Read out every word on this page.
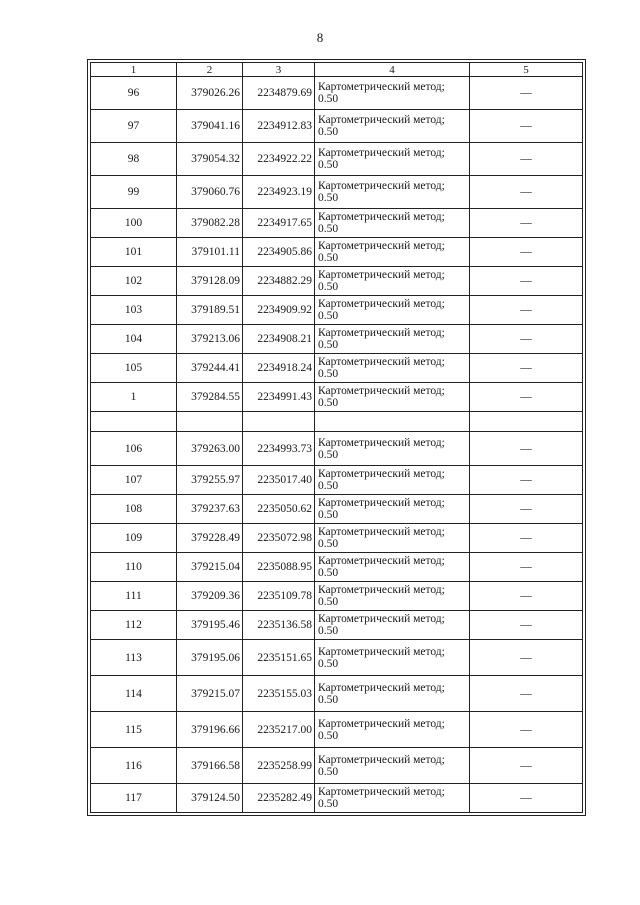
8
1	2	3	4	5
96	379026.26	2234879.69	Картометрический метод; 0.50	—
97	379041.16	2234912.83	Картометрический метод; 0.50	—
98	379054.32	2234922.22	Картометрический метод; 0.50	—
99	379060.76	2234923.19	Картометрический метод; 0.50	—
100	379082.28	2234917.65	Картометрический метод; 0.50	—
101	379101.11	2234905.86	Картометрический метод; 0.50	—
102	379128.09	2234882.29	Картометрический метод; 0.50	—
103	379189.51	2234909.92	Картометрический метод; 0.50	—
104	379213.06	2234908.21	Картометрический метод; 0.50	—
105	379244.41	2234918.24	Картометрический метод; 0.50	—
1	379284.55	2234991.43	Картометрический метод; 0.50	—

106	379263.00	2234993.73	Картометрический метод; 0.50	—
107	379255.97	2235017.40	Картометрический метод; 0.50	—
108	379237.63	2235050.62	Картометрический метод; 0.50	—
109	379228.49	2235072.98	Картометрический метод; 0.50	—
110	379215.04	2235088.95	Картометрический метод; 0.50	—
111	379209.36	2235109.78	Картометрический метод; 0.50	—
112	379195.46	2235136.58	Картометрический метод; 0.50	—
113	379195.06	2235151.65	Картометрический метод; 0.50	—
114	379215.07	2235155.03	Картометрический метод; 0.50	—
115	379196.66	2235217.00	Картометрический метод; 0.50	—
116	379166.58	2235258.99	Картометрический метод; 0.50	—
117	379124.50	2235282.49	Картометрический метод; 0.50	—
